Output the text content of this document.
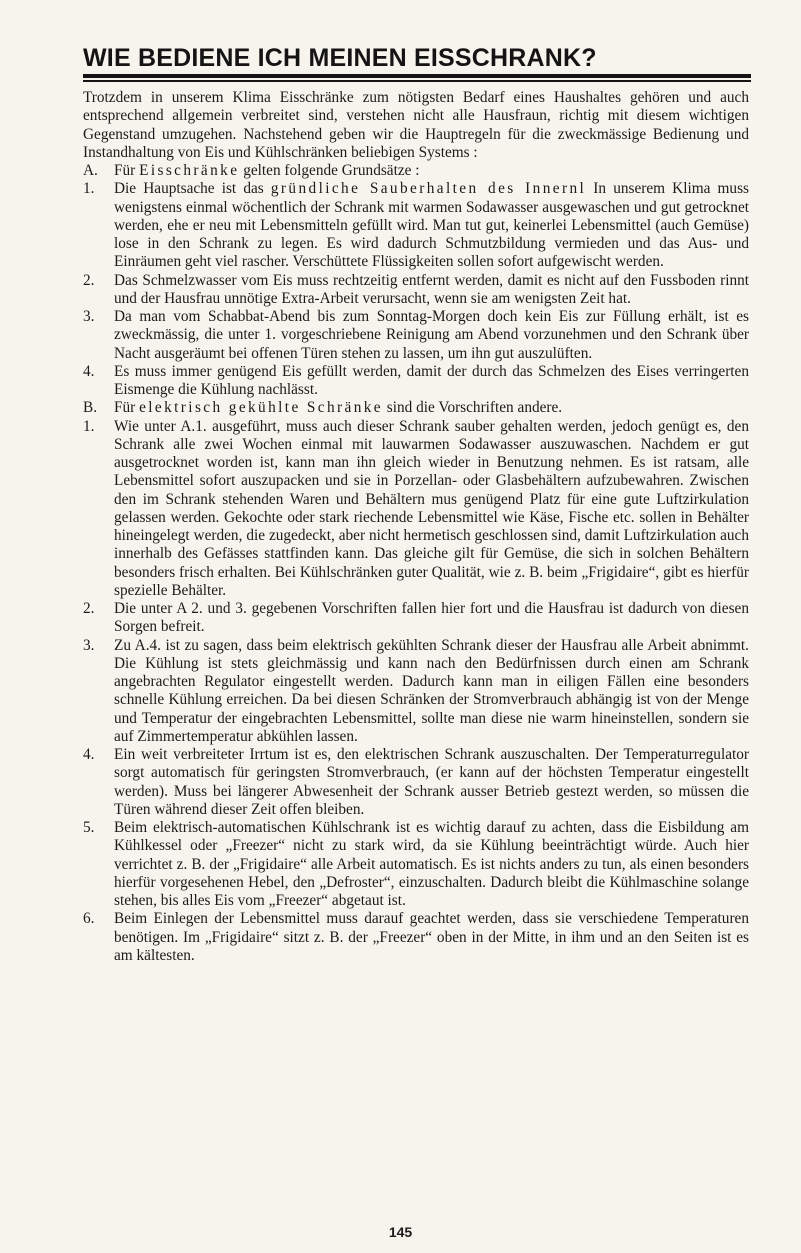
WIE BEDIENE ICH MEINEN EISSCHRANK?

Trotzdem in unserem Klima Eisschränke zum nötigsten Bedarf eines Haushaltes gehören und auch entsprechend allgemein verbreitet sind, verstehen nicht alle Hausfraun, richtig mit diesem wichtigen Gegenstand umzugehen. Nachstehend geben wir die Hauptregeln für die zweckmässige Bedienung und Instandhaltung von Eis und Kühlschränken beliebigen Systems :

A.	Für Eisschränke gelten folgende Grundsätze :
1.	Die Hauptsache ist das gründliche Sauberhalten des Innernl In unserem Klima muss wenigstens einmal wöchentlich der Schrank mit warmen Sodawasser ausgewaschen und gut getrocknet werden, ehe er neu mit Lebensmitteln gefüllt wird. Man tut gut, keinerlei Lebensmittel (auch Gemüse) lose in den Schrank zu legen. Es wird dadurch Schmutzbildung vermieden und das Aus- und Einräumen geht viel rascher. Verschüttete Flüssigkeiten sollen sofort aufgewischt werden.
2.	Das Schmelzwasser vom Eis muss rechtzeitig entfernt werden, damit es nicht auf den Fussboden rinnt und der Hausfrau unnötige Extra-Arbeit verursacht, wenn sie am wenigsten Zeit hat.
3.	Da man vom Schabbat-Abend bis zum Sonntag-Morgen doch kein Eis zur Füllung erhält, ist es zweckmässig, die unter 1. vorgeschriebene Reinigung am Abend vorzunehmen und den Schrank über Nacht ausgeräumt bei offenen Türen stehen zu lassen, um ihn gut auszulüften.
4.	Es muss immer genügend Eis gefüllt werden, damit der durch das Schmelzen des Eises verringerten Eismenge die Kühlung nachlässt.
B.	Für elektrisch gekühlte Schränke sind die Vorschriften andere.
1.	Wie unter A.1. ausgeführt, muss auch dieser Schrank sauber gehalten werden, jedoch genügt es, den Schrank alle zwei Wochen einmal mit lauwarmen Sodawasser auszuwaschen. Nachdem er gut ausgetrocknet worden ist, kann man ihn gleich wieder in Benutzung nehmen. Es ist ratsam, alle Lebensmittel sofort auszupacken und sie in Porzellan- oder Glasbehältern aufzubewahren. Zwischen den im Schrank stehenden Waren und Behältern mus genügend Platz für eine gute Luftzirkulation gelassen werden. Gekochte oder stark riechende Lebensmittel wie Käse, Fische etc. sollen in Behälter hineingelegt werden, die zugedeckt, aber nicht hermetisch geschlossen sind, damit Luftzirkulation auch innerhalb des Gefässes stattfinden kann. Das gleiche gilt für Gemüse, die sich in solchen Behältern besonders frisch erhalten. Bei Kühlschränken guter Qualität, wie z. B. beim „Frigidaire“, gibt es hierfür spezielle Behälter.
2.	Die unter A 2. und 3. gegebenen Vorschriften fallen hier fort und die Hausfrau ist dadurch von diesen Sorgen befreit.
3.	Zu A.4. ist zu sagen, dass beim elektrisch gekühlten Schrank dieser der Hausfrau alle Arbeit abnimmt. Die Kühlung ist stets gleichmässig und kann nach den Bedürfnissen durch einen am Schrank angebrachten Regulator eingestellt werden. Dadurch kann man in eiligen Fällen eine besonders schnelle Kühlung erreichen. Da bei diesen Schränken der Stromverbrauch abhängig ist von der Menge und Temperatur der eingebrachten Lebensmittel, sollte man diese nie warm hineinstellen, sondern sie auf Zimmertemperatur abkühlen lassen.
4.	Ein weit verbreiteter Irrtum ist es, den elektrischen Schrank auszuschalten. Der Temperaturregulator sorgt automatisch für geringsten Stromverbrauch, (er kann auf der höchsten Temperatur eingestellt werden). Muss bei längerer Abwesenheit der Schrank ausser Betrieb gestezt werden, so müssen die Türen während dieser Zeit offen bleiben.
5.	Beim elektrisch-automatischen Kühlschrank ist es wichtig darauf zu achten, dass die Eisbildung am Kühlkessel oder „Freezer“ nicht zu stark wird, da sie Kühlung beeinträchtigt würde. Auch hier verrichtet z. B. der „Frigidaire“ alle Arbeit automatisch. Es ist nichts anders zu tun, als einen besonders hierfür vorgesehenen Hebel, den „Defroster“, einzuschalten. Dadurch bleibt die Kühlmaschine solange stehen, bis alles Eis vom „Freezer“ abgetaut ist.
6.	Beim Einlegen der Lebensmittel muss darauf geachtet werden, dass sie verschiedene Temperaturen benötigen. Im „Frigidaire“ sitzt z. B. der „Freezer“ oben in der Mitte, in ihm und an den Seiten ist es am kältesten.
145
